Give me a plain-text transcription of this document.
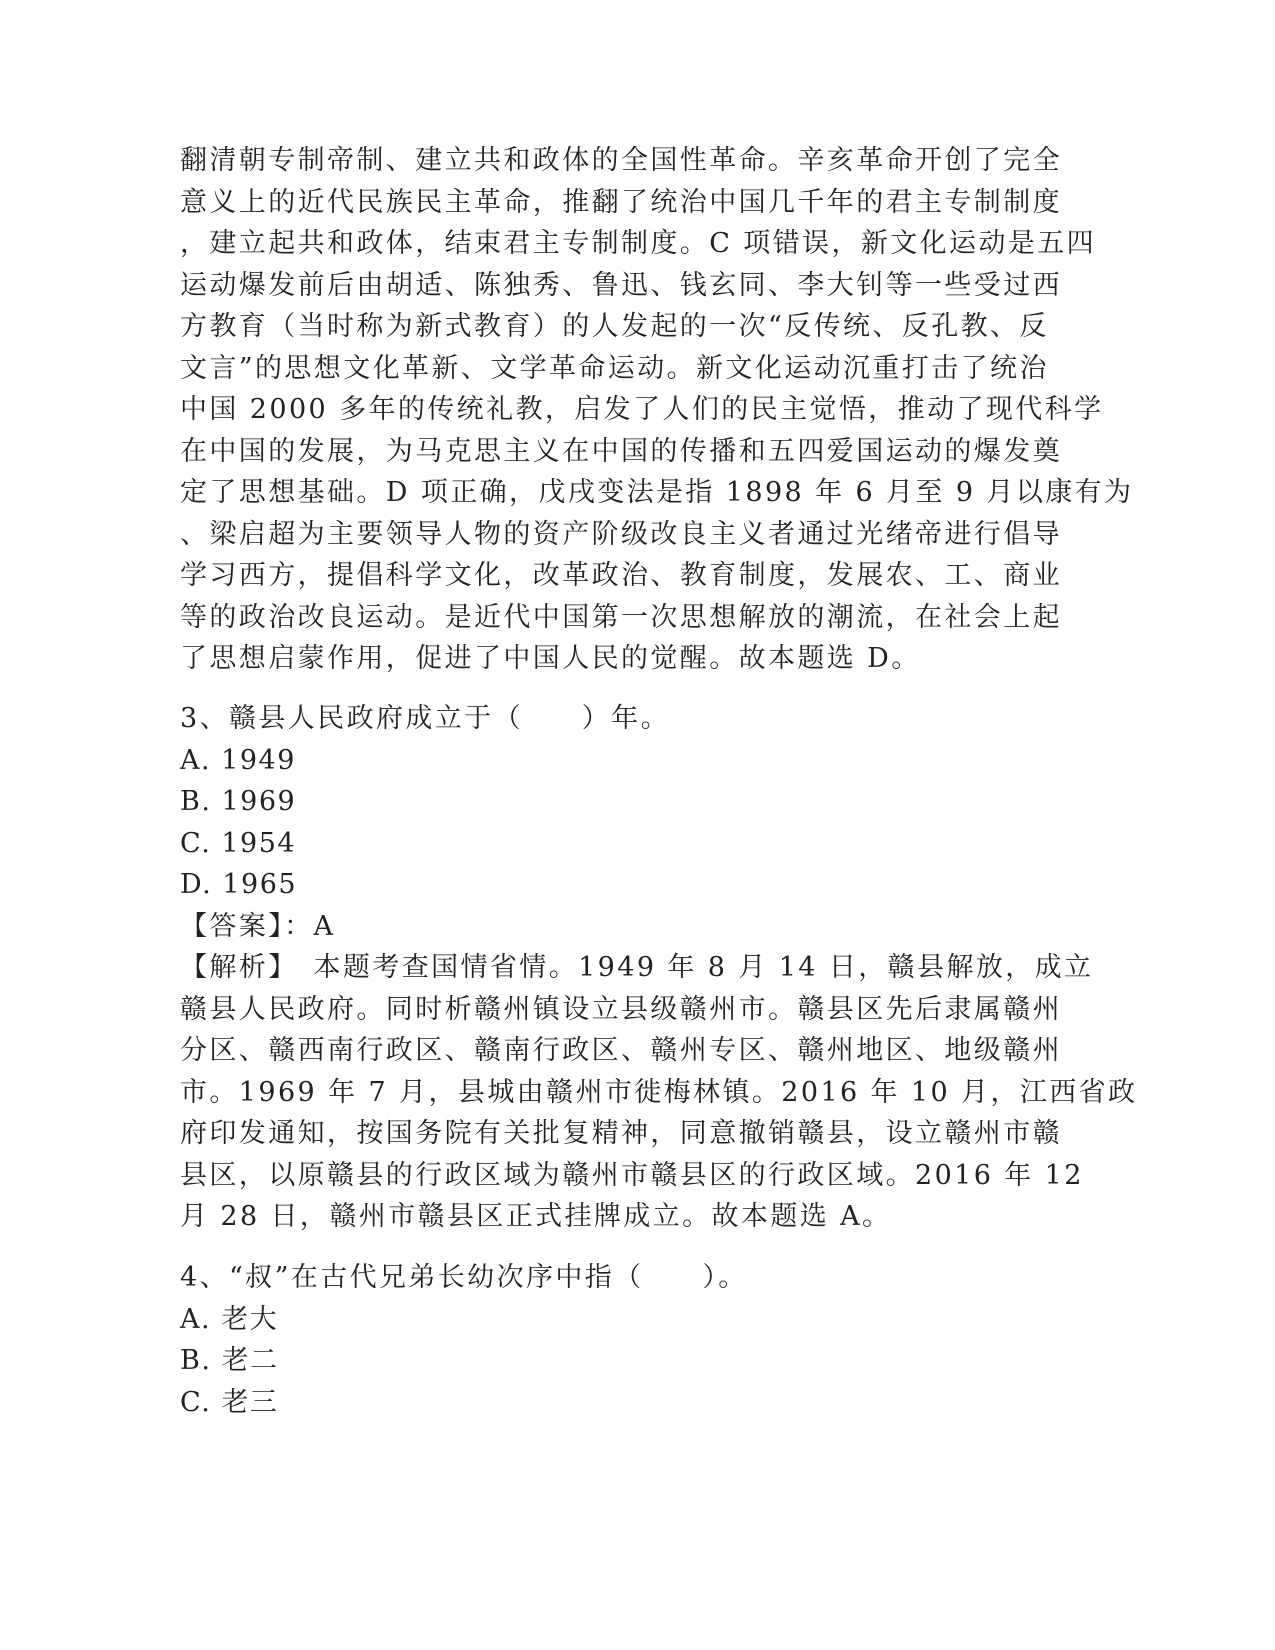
翻清朝专制帝制、建立共和政体的全国性革命。辛亥革命开创了完全
意义上的近代民族民主革命，推翻了统治中国几千年的君主专制制度
，建立起共和政体，结束君主专制制度。C 项错误，新文化运动是五四
运动爆发前后由胡适、陈独秀、鲁迅、钱玄同、李大钊等一些受过西
方教育（当时称为新式教育）的人发起的一次“反传统、反孔教、反
文言”的思想文化革新、文学革命运动。新文化运动沉重打击了统治
中国 2000 多年的传统礼教，启发了人们的民主觉悟，推动了现代科学
在中国的发展，为马克思主义在中国的传播和五四爱国运动的爆发奠
定了思想基础。D 项正确，戊戌变法是指 1898 年 6 月至 9 月以康有为
、梁启超为主要领导人物的资产阶级改良主义者通过光绪帝进行倡导
学习西方，提倡科学文化，改革政治、教育制度，发展农、工、商业
等的政治改良运动。是近代中国第一次思想解放的潮流，在社会上起
了思想启蒙作用，促进了中国人民的觉醒。故本题选 D。
3、赣县人民政府成立于（　　）年。
A. 1949
B. 1969
C. 1954
D. 1965
【答案】：A
【解析】　本题考查国情省情。1949 年 8 月 14 日，赣县解放，成立
赣县人民政府。同时析赣州镇设立县级赣州市。赣县区先后隶属赣州
分区、赣西南行政区、赣南行政区、赣州专区、赣州地区、地级赣州
市。1969 年 7 月，县城由赣州市徙梅林镇。2016 年 10 月，江西省政
府印发通知，按国务院有关批复精神，同意撤销赣县，设立赣州市赣
县区，以原赣县的行政区域为赣州市赣县区的行政区域。2016 年 12
月 28 日，赣州市赣县区正式挂牌成立。故本题选 A。
4、“叔”在古代兄弟长幼次序中指（　　）。
A. 老大
B. 老二
C. 老三
